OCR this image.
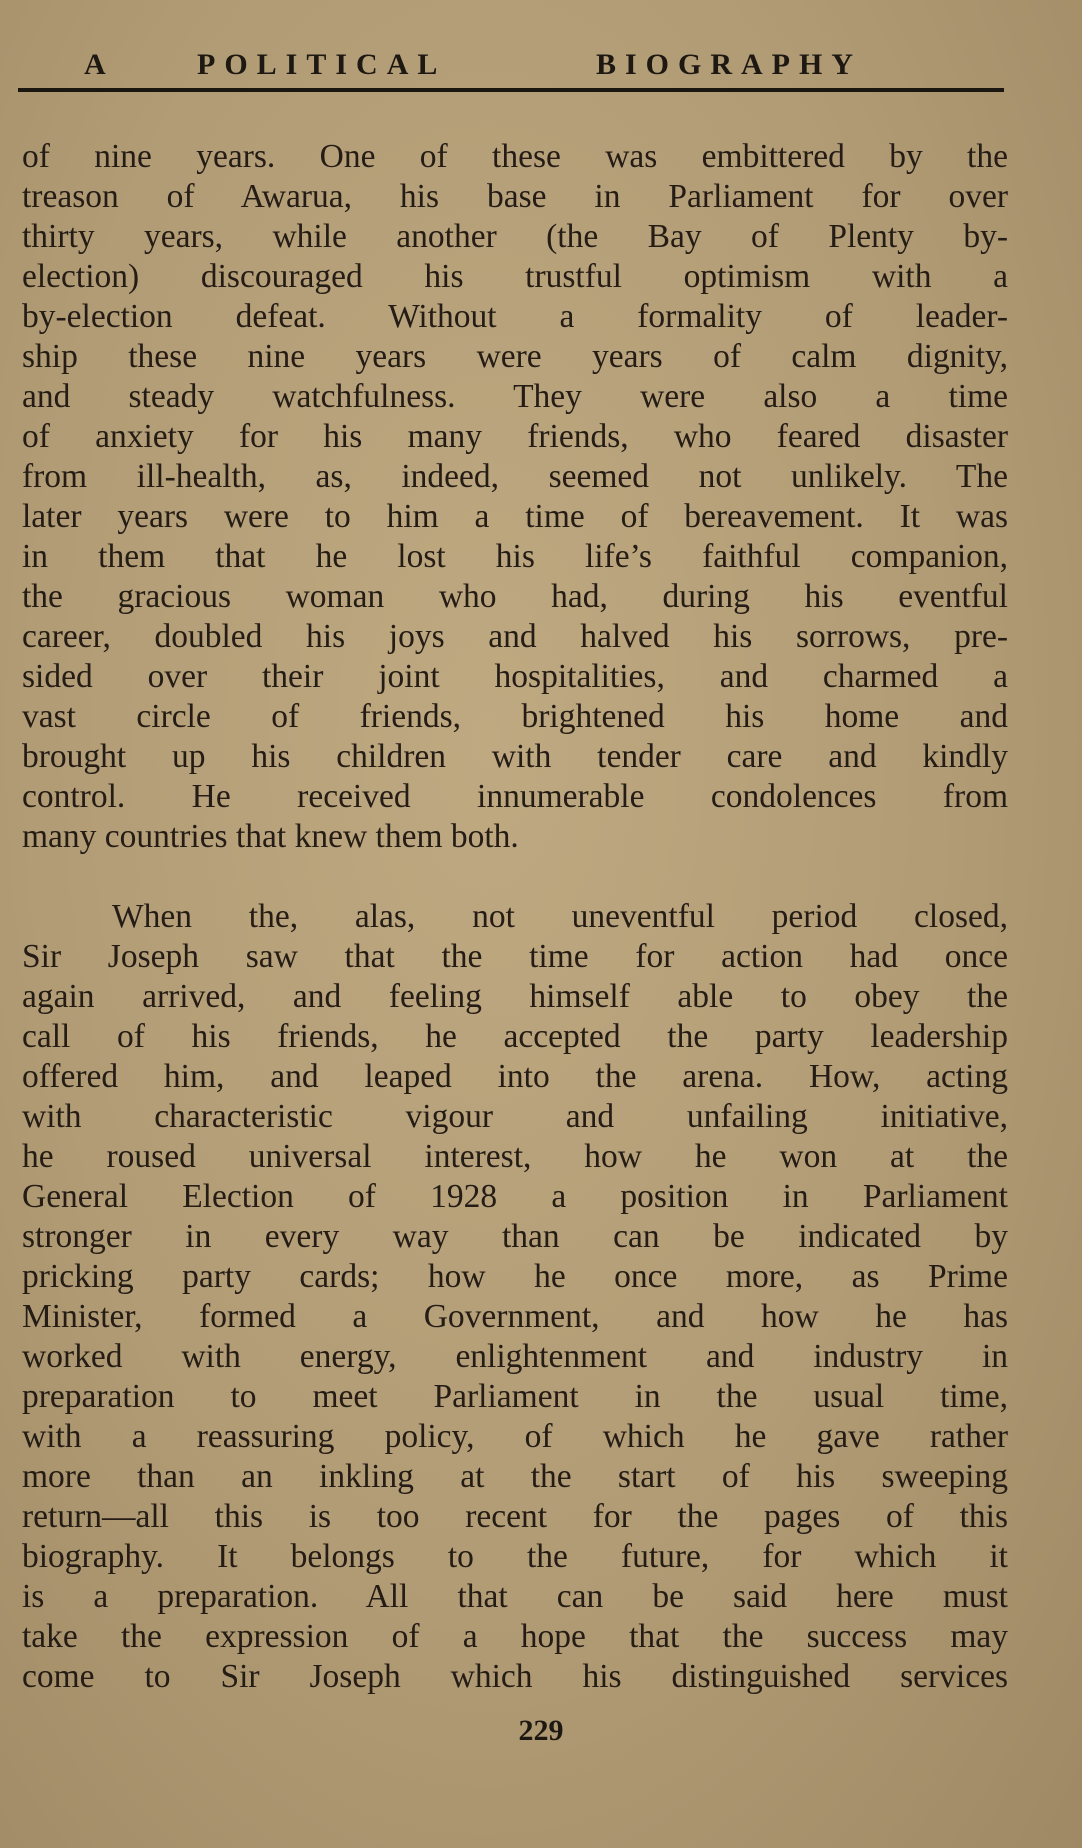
A	POLITICAL	BIOGRAPHY
of nine years. One of these was embittered by the
treason of Awarua, his base in Parliament for over
thirty years, while another (the Bay of Plenty by-
election) discouraged his trustful optimism with a
by-election defeat. Without a formality of leader-
ship these nine years were years of calm dignity,
and steady watchfulness. They were also a time
of anxiety for his many friends, who feared disaster
from ill-health, as, indeed, seemed not unlikely. The
later years were to him a time of bereavement. It was
in them that he lost his life’s faithful companion,
the gracious woman who had, during his eventful
career, doubled his joys and halved his sorrows, pre-
sided over their joint hospitalities, and charmed a
vast circle of friends, brightened his home and
brought up his children with tender care and kindly
control. He received innumerable condolences from
many countries that knew them both.
When the, alas, not uneventful period closed,
Sir Joseph saw that the time for action had once
again arrived, and feeling himself able to obey the
call of his friends, he accepted the party leadership
offered him, and leaped into the arena. How, acting
with characteristic vigour and unfailing initiative,
he roused universal interest, how he won at the
General Election of 1928 a position in Parliament
stronger in every way than can be indicated by
pricking party cards; how he once more, as Prime
Minister, formed a Government, and how he has
worked with energy, enlightenment and industry in
preparation to meet Parliament in the usual time,
with a reassuring policy, of which he gave rather
more than an inkling at the start of his sweeping
return—all this is too recent for the pages of this
biography. It belongs to the future, for which it
is a preparation. All that can be said here must
take the expression of a hope that the success may
come to Sir Joseph which his distinguished services
229
